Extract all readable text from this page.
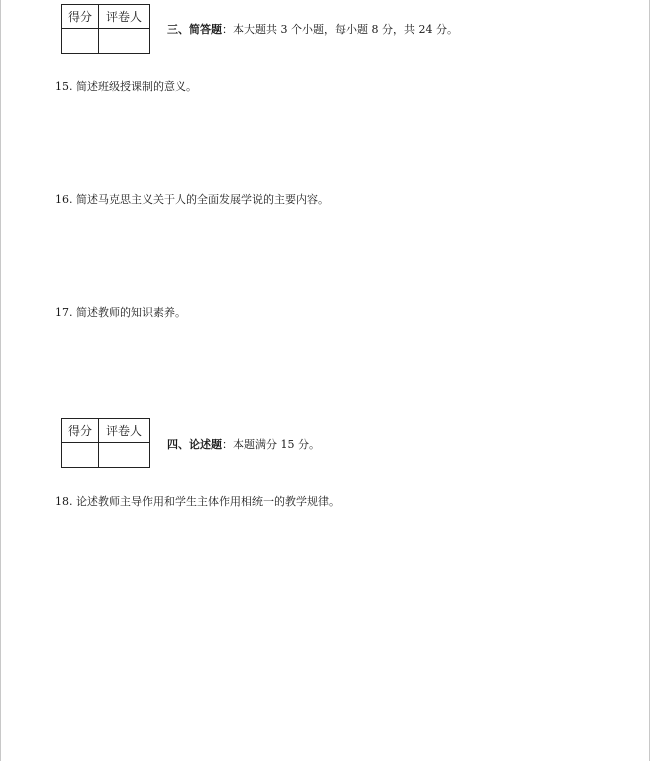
得分	评卷人

三、简答题：本大题共 3 个小题，每小题 8 分，共 24 分。
15. 简述班级授课制的意义。
16. 简述马克思主义关于人的全面发展学说的主要内容。
17. 简述教师的知识素养。
得分	评卷人

四、论述题：本题满分 15 分。
18. 论述教师主导作用和学生主体作用相统一的教学规律。
